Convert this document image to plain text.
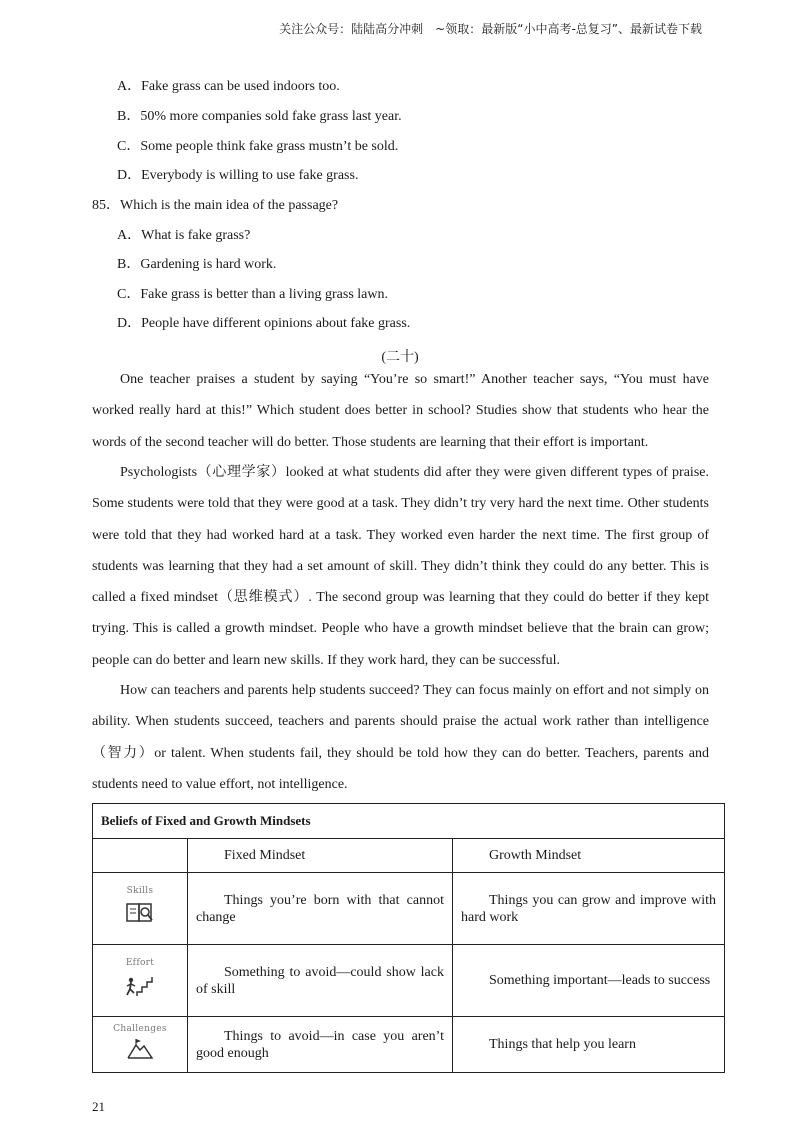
关注公众号：陆陆高分冲刺　~领取：最新版“小中高考-总复习”、最新试卷下载
A．Fake grass can be used indoors too.
B．50% more companies sold fake grass last year.
C．Some people think fake grass mustn’t be sold.
D．Everybody is willing to use fake grass.
85．Which is the main idea of the passage?
A．What is fake grass?
B．Gardening is hard work.
C．Fake grass is better than a living grass lawn.
D．People have different opinions about fake grass.
(二十)

One teacher praises a student by saying “You’re so smart!” Another teacher says, “You must have worked really hard at this!” Which student does better in school? Studies show that students who hear the words of the second teacher will do better. Those students are learning that their effort is important.

Psychologists（心理学家）looked at what students did after they were given different types of praise. Some students were told that they were good at a task. They didn’t try very hard the next time. Other students were told that they had worked hard at a task. They worked even harder the next time. The first group of students was learning that they had a set amount of skill. They didn’t think they could do any better. This is called a fixed mindset（思维模式）. The second group was learning that they could do better if they kept trying. This is called a growth mindset. People who have a growth mindset believe that the brain can grow; people can do better and learn new skills. If they work hard, they can be successful.

How can teachers and parents help students succeed? They can focus mainly on effort and not simply on ability. When students succeed, teachers and parents should praise the actual work rather than intelligence（智力）or talent. When students fail, they should be told how they can do better. Teachers, parents and students need to value effort, not intelligence.

Beliefs of Fixed and Growth Mindsets		

	Fixed Mindset	Growth Mindset

Skills	Things you’re born with that cannot change	Things you can grow and improve with hard work

Effort	Something to avoid—could show lack of skill	Something important—leads to success

Challenges	Things to avoid—in case you aren’t good enough	Things that help you learn
21
